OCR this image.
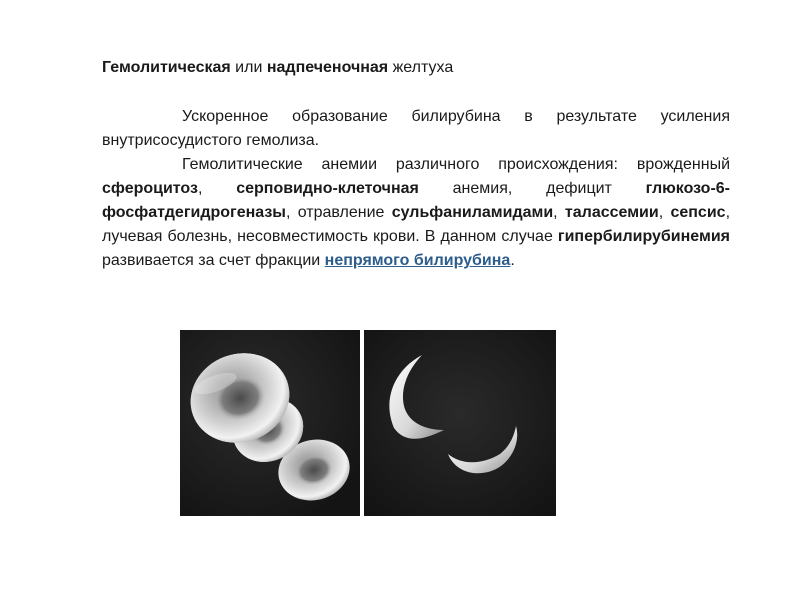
Гемолитическая или надпеченочная желтуха

Ускоренное образование билирубина в результате усиления внутрисосудистого гемолиза.

Гемолитические анемии различного происхождения: врожденный сфероцитоз, серповидно-клеточная анемия, дефицит глюкозо-6-фосфатдегидрогеназы, отравление сульфаниламидами, талассемии, сепсис, лучевая болезнь, несовместимость крови. В данном случае гипербилирубинемия развивается за счет фракции непрямого билирубина.
